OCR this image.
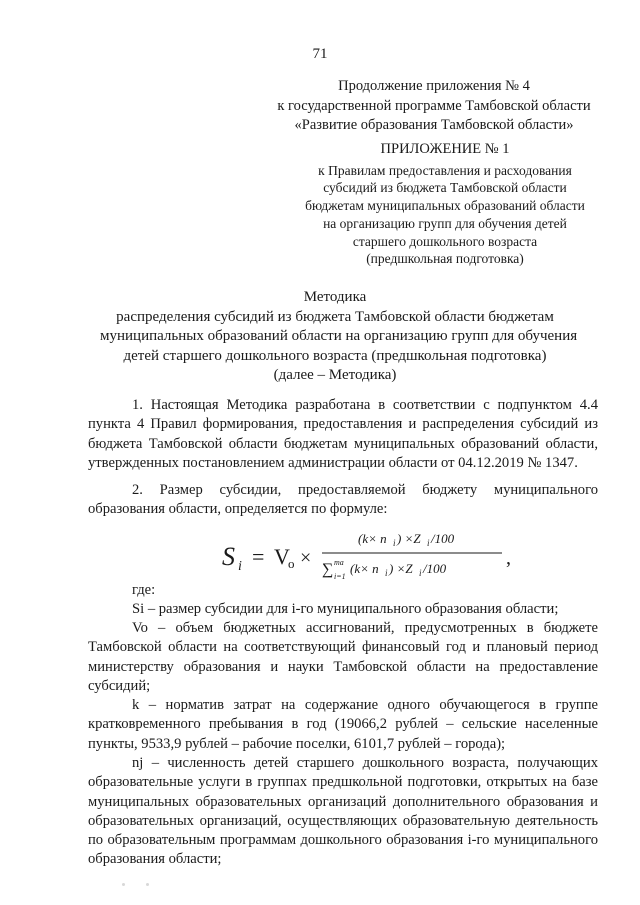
71
Продолжение приложения № 4
к государственной программе Тамбовской области
«Развитие образования Тамбовской области»
ПРИЛОЖЕНИЕ № 1
к Правилам предоставления и расходования
субсидий из бюджета Тамбовской области
бюджетам муниципальных образований области
на организацию групп для обучения детей
старшего дошкольного возраста
(предшкольная подготовка)
Методика
распределения субсидий из бюджета Тамбовской области бюджетам
муниципальных образований области на организацию групп для обучения
детей старшего дошкольного возраста (предшкольная подготовка)
(далее – Методика)
1. Настоящая Методика разработана в соответствии с подпунктом 4.4 пункта 4 Правил формирования, предоставления и распределения субсидий из бюджета Тамбовской области бюджетам муниципальных образований области, утвержденных постановлением администрации области от 04.12.2019 № 1347.
2. Размер субсидии, предоставляемой бюджету муниципального образования области, определяется по формуле:
S i = V
o ×
(k× n i ) ×Z i /100
∑ ma
i=1
(k× n i ) ×Z i /100	,
где:
Si – размер субсидии для i-го муниципального образования области;
Vo – объем бюджетных ассигнований, предусмотренных в бюджете Тамбовской области на соответствующий финансовый год и плановый период министерству образования и науки Тамбовской области на предоставление субсидий;
k – норматив затрат на содержание одного обучающегося в группе кратковременного пребывания в год (19066,2 рублей – сельские населенные пункты, 9533,9 рублей – рабочие поселки, 6101,7 рублей – города);
nj – численность детей старшего дошкольного возраста, получающих образовательные услуги в группах предшкольной подготовки, открытых на базе муниципальных образовательных организаций дополнительного образования и образовательных организаций, осуществляющих образовательную деятельность по образовательным программам дошкольного образования i-го муниципального образования области;
